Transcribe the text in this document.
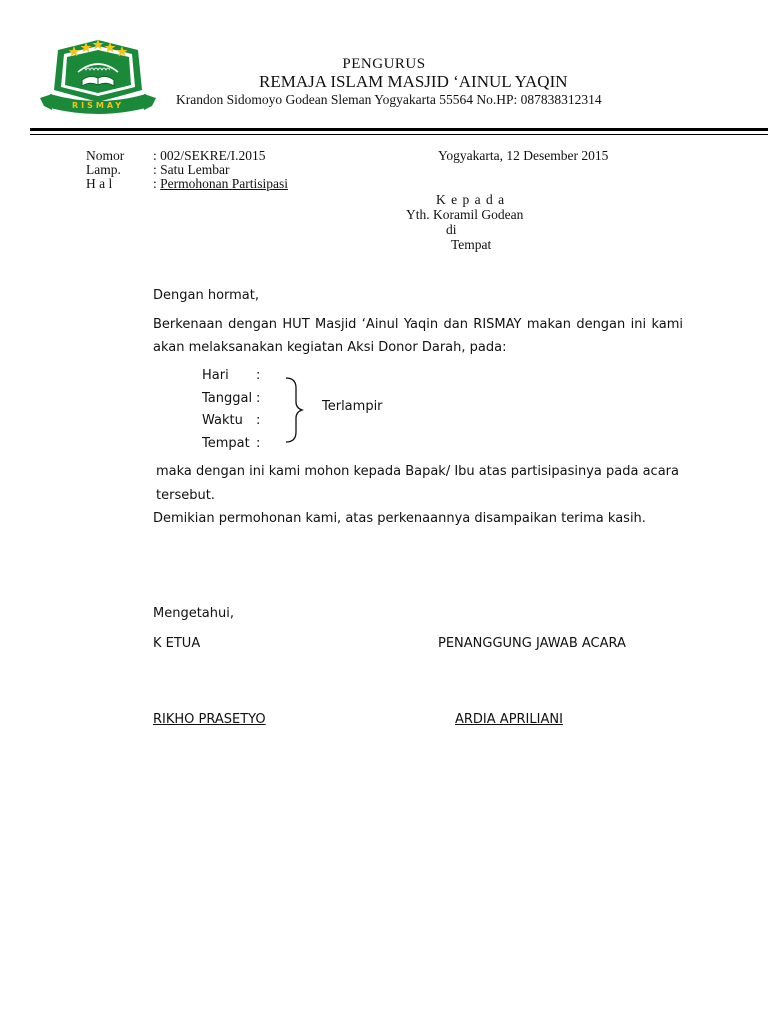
RISMAY
PENGURUS
REMAJA ISLAM MASJID ‘AINUL YAQIN
Krandon Sidomoyo Godean Sleman Yogyakarta 55564 No.HP: 087838312314
Nomor : 002/SEKRE/I.2015
Lamp. : Satu Lembar
H a l	: Permohonan Partisipasi
Yogyakarta, 12 Desember 2015
K e p a d a
Yth. Koramil Godean
di
Tempat
Dengan hormat,
Berkenaan dengan HUT Masjid ‘Ainul Yaqin dan RISMAY makan dengan ini kami
akan melaksanakan kegiatan Aksi Donor Darah, pada:
Hari :
Tanggal :
Waktu :
Tempat :
Terlampir
maka dengan ini kami mohon kepada Bapak/ Ibu atas partisipasinya pada acara
tersebut.
Demikian permohonan kami, atas perkenaannya disampaikan terima kasih.
Mengetahui,
K ETUA	PENANGGUNG JAWAB ACARA
RIKHO PRASETYO	ARDIA APRILIANI
